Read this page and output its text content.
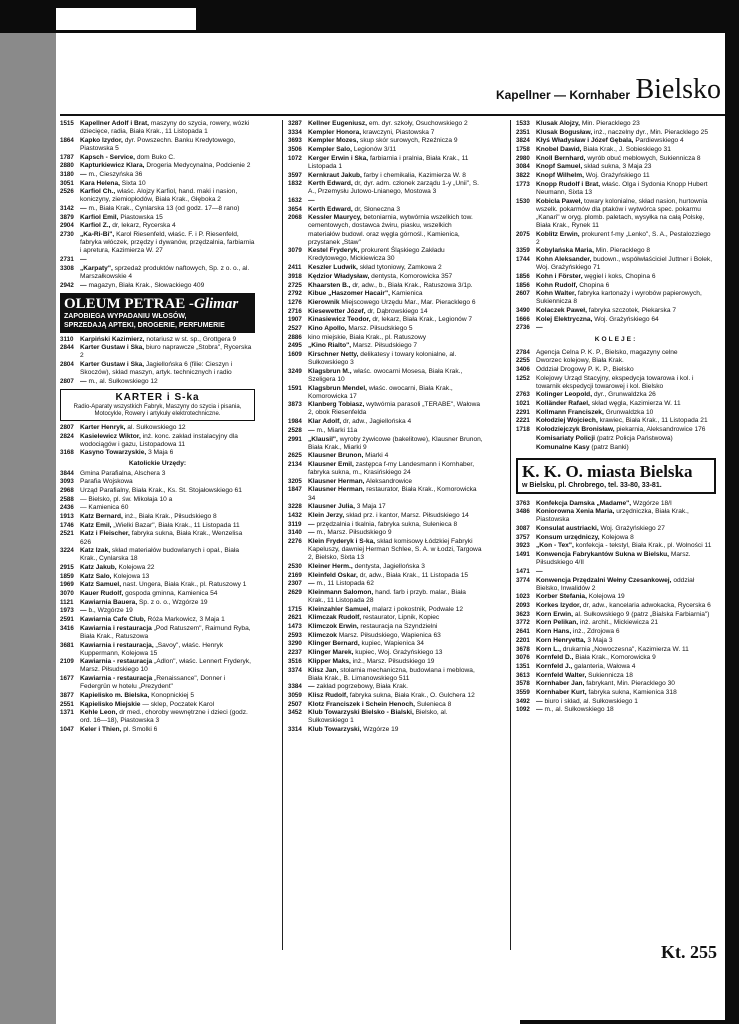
Kapellner — Kornhaber Bielsko
1515 Kapellner Adolf i Brat, maszyny do szycia, rowery, wózki dziecięce, radia, Biała Krak., 11 Listopada 1
1864 Kapko Izydor, dyr. Powszechn. Banku Kredytowego, Piastowska 5
1787 Kapsch - Service, dom Buko C.
2880 Kapturkiewicz Klara, Drogeria Medycynalna, Podcienie 2
3180 — m., Cieszyńska 36
3051 Kara Helena, Sixta 10
2526 Karfiol Ch., właśc. Alojzy Karfiol, hand. maki i nasion, koniczyny, ziemiopłodów, Biała Krak., Głęboka 2
3142 — m., Biała Krak., Cynlarska 13 (od godz. 17—8 rano)
3879 Karfiol Emil, Piastowska 15
2904 Karfiol Z., dr, lekarz, Rycerska 4
2730 „Ka-Ri-Bi", Karol Riesenfeld, właśc. F. i P. Riesenfeld, fabryka włóczek, przędzy i dywanów, przędzalnia, farbiarnia i apretura, Kazimierza W. 27
2731 —
3308 „Karpaty", sprzedaż produktów naftowych, Sp. z o. o., al. Marszałkowskie 4
2942 — magazyn, Biała Krak., Słowackiego 409
OLEUM PETRAE -Glimar
ZAPOBIEGA WYPADANIU WŁOSÓW,
SPRZEDAJĄ APTEKI, DROGERIE, PERFUMERIE
3110 Karpiński Kazimierz, notariusz w st. sp., Grottgera 9
2844 Karter Gustaw i Ska, biuro naprawcze „Stobra", Rycerska 2
2804 Karter Gustaw i Ska, Jagiellońska 6 (filie: Cieszyn i Skoczów), skład maszyn, artyk. technicznych i radio
2807 — m., al. Sułkowskiego 12
KARTER i S-ka
Radio-Aparaty wszystkich Fabryk, Maszyny do szycia i pisania, Motocykle, Rowery i artykuły elektrotechniczne.
2807 Karter Henryk, al. Sułkowskiego 12
2824 Kasielewicz Wiktor, inż. konc. zakład instalacyjny dla wodociągów i gazu, Listopadowa 11
3168 Kasyno Towarzyskie, 3 Maja 6
Katolickie Urzędy:
3844 Gmina Parafialna, Alschera 3
3093 Parafia Wojskowa
2968 Urząd Parafialny, Biała Krak., Ks. St. Stojałowskiego 61
2588 — Bielsko, pl. św. Mikołaja 10 a
2436 — Kamienica 60
1913 Katz Bernard, inż., Biała Krak., Piłsudskiego 8
1746 Katz Emil, „Wielki Bazar", Biała Krak., 11 Listopada 11
2521 Katz i Fleischer, fabryka sukna, Biała Krak., Wenzelisa 626
3224 Katz Izak, skład materiałów budowlanych i opał., Biała Krak., Cynlarska 18
2915 Katz Jakub, Kolejowa 22
1859 Katz Salo, Kolejowa 13
1969 Katz Samuel, nast. Ungera, Biała Krak., pl. Ratuszowy 1
3070 Kauer Rudolf, gospoda gminna, Kamienica 54
1121 Kawiarnia Bauera, Sp. z o. o., Wzgórze 19
1973 — b., Wzgórze 19
2591 Kawiarnia Cafe Club, Róża Markowicz, 3 Maja 1
3416 Kawiarnia i restauracja „Pod Ratuszem", Raimund Ryba, Biała Krak., Ratuszowa
3681 Kawiarnia i restauracja, „Savoy", właśc. Henryk Kuppermann, Kolejowa 15
2109 Kawiarnia - restauracja „Adlon", właśc. Lennert Fryderyk, Marsz. Piłsudskiego 10
1677 Kawiarnia - restauracja „Renaissance", Donner i Federgrün w hotelu „Prezydent"
3877 Kapielisko m. Bielska, Konopnickiej 5
2551 Kąpielisko Miejskie — sklep, Poczatek Karol
1371 Kehle Leon, dr med., choroby wewnętrzne i dzieci (godz. ord. 16—18), Piastowska 3
1047 Keler i Thien, pl. Smolki 6
3287 Kellner Eugeniusz, em. dyr. szkoły, Osuchowskiego 2
3334 Kempler Honora, krawczyni, Piastowska 7
3693 Kempler Mozes, skup skór surowych, Rzeźnicza 9
3506 Kempler Salo, Legionów 3/11
1072 Kerger Erwin i Ska, farbiarnia i pralnia, Biała Krak., 11 Listopada 1
3597 Kernkraut Jakub, farby i chemikalia, Kazimierza W. 8
1832 Kerth Edward, dr, dyr. adm. członek zarządu 1-y „Unii", S. A., Przemysłu Jutowo-Lnianego, Mostowa 3
1632 —
3654 Kerth Edward, dr, Słoneczna 3
2068 Kessler Maurycy, betoniarnia, wytwórnia wszelkich tow. cementowych, dostawca żwiru, piasku, wszelkich materiałów budowl. oraz węgla górnośl., Kamienica, przystanek „Staw"
3079 Kestel Fryderyk, prokurent Śląskiego Zakładu Kredytowego, Mickiewicza 30
2411 Keszler Ludwik, skład tytoniowy, Zamkowa 2
3918 Kędzior Władysław, dentysta, Komorowicka 357
2725 Khaarsten B., dr, adw., b., Biała Krak., Ratuszowa 3/1p.
2792 Kibue „Haszomer Hacair", Kamienica
1276 Kierownik Miejscowego Urzędu Mar., Mar. Pieracklego 6
2716 Kiesewetter Józef, dr, Dąbrowskiego 14
1907 Kinasiewicz Teodor, dr, lekarz, Biała Krak., Legionów 7
2527 Kino Apollo, Marsz. Piłsudskiego 5
2886 kino miejskie, Biała Krak., pl. Ratuszowy
2495 „Kino Rialto", Marsz. Piłsudskiego 7
1609 Kirschner Netty, delikatesy i towary kolonialne, al. Sułkowskiego 3
3249 Klagsbrun M., właśc. owocarni Mosesa, Biała Krak., Szeligera 10
1591 Klagsbrun Mendel, właśc. owocarni, Biała Krak., Komorowicka 17
3873 Klanberg Tobiasz, wytwórnia parasoli „TERABE", Wałowa 2, obok Riesenfelda
1984 Klar Adolf, dr, adw., Jagiellońska 4
2528 — m., Miarki 11a
2991 „Klausil", wyroby żywicowe (bakelitowe), Klausner Brunon, Biała Krak., Miarki 9
2625 Klausner Brunon, Miarki 4
2134 Klausner Emil, zastępca f-my Landesmann i Kornhaber, fabryka sukna, m., Krasińskiego 24
3205 Klausner Herman, Aleksandrowice
1847 Klausner Herman, restaurator, Biała Krak., Komorowicka 34
3228 Klausner Julia, 3 Maja 17
1432 Klein Jerzy, skład prz. i kantor, Marsz. Piłsudskiego 14
3119 — przędzalnia i tkalnia, fabryka sukna, Sulenieca 8
3140 — m., Marsz. Piłsudskiego 9
2276 Klein Fryderyk i S-ka, skład komisowy Łódzkiej Fabryki Kapeluszy, dawniej Herman Schlee, S. A. w Łodzi, Targowa 2, Bielsko, Sixta 13
2530 Kleiner Herm., dentysta, Jagiellońska 3
2169 Kleinfeld Oskar, dr, adw., Biała Krak., 11 Listopada 15
2307 — m., 11 Listopada 62
2629 Kleinmann Salomon, hand. farb i przyb. malar., Biała Krak., 11 Listopada 28
1715 Kleinzahler Samuel, malarz i pokostnik, Podwale 12
2621 Klimczak Rudolf, restaurator, Lipnik, Kopiec
1473 Klimczok Erwin, restauracja na Szyndzielni
2593 Klimczok Marsz. Piłsudskiego, Wapienica 63
3290 Klinger Bernard, kupiec, Wapienica 34
2237 Klinger Marek, kupiec, Woj. Grażyńskiego 13
3516 Klipper Maks, inż., Marsz. Piłsudskiego 19
3374 Klisz Jan, stolarnia mechaniczna, budowlana i meblowa, Biała Krak., B. Limanowskiego 511
3384 — zakład pogrzebowy, Biała Krak.
3059 Klisz Rudolf, fabryka sukna, Biała Krak., O. Gulchera 12
2507 Klotz Franciszek i Schein Henoch, Sulenieca 8
3452 Klub Towarzyski Bielsko - Bialski, Bielsko, al. Sułkowskiego 1
3314 Klub Towarzyski, Wzgórze 19
1533 Klusak Alojzy, Min. Pieracklego 23
2351 Klusak Bogusław, inż., naczelny dyr., Min. Pieracklego 25
3824 Kłyś Władysław i Józef Gębala, Pardiewskiego 4
1758 Knobel Dawid, Biała Krak., J. Sobieskiego 31
2980 Knoll Bernhard, wyrób obuć meblowych, Sukiennicza 8
3084 Knopf Samuel, skład sukna, 3 Maja 23
3822 Knopf Wilhelm, Woj. Grażyńskiego 11
1773 Knopp Rudolf i Brat, właśc. Olga i Sydonia Knopp Hubert Neumann, Sixta 13
1530 Kobicla Paweł, towary kolonialne, skład nasion, hurtownia wszelk. pokarmów dla ptaków i wytwórca spec. pokarmu „Kanari" w oryg. plomb. paletach, wysyłka na całą Polskę, Biała Krak., Rynek 11
2075 Koblitz Erwin, prokurent f-my „Lenko", S. A., Pestalozziego 2
3359 Kobylańska Maria, Min. Pieracklego 8
1744 Kohn Aleksander, budown., współwłaściciel Juttner i Bolek, Woj. Grażyńskiego 71
1856 Kohn i Förster, węgiel i koks, Chopina 6
1856 Kohn Rudolf, Chopina 6
2607 Kohn Walter, fabryka kartonaży i wyrobów papierowych, Sukiennicza 8
3490 Kolaczek Paweł, fabryka szczotek, Piekarska 7
1666 Kolej Elektryczna, Woj. Grażyńskiego 64
2736 —
KOLEJE:
2784 Agencja Celna P. K. P., Bielsko, magazyny celne
2255 Dworzec kolejowy, Biała Krak.
3406 Oddział Drogowy P. K. P., Bielsko
1252 Kolejowy Urząd Stacyjny, ekspedycja towarowa i kol. i towarnik ekspedycji towarowej i kol. Bielsko
2763 Kolinger Leopold, dyr., Grunwaldzka 26
1021 Kolländer Rafael, skład węgla, Kazimierza W. 11
2291 Kollmann Franciszek, Grunwaldzka 10
2221 Kołodziej Wojciech, krawiec, Biała Krak., 11 Listopada 21
1718 Kołodziejczyk Bronisław, piekarnia, Aleksandrowice 176
Komisariaty Policji (patrz Policja Państwowa)
Komunalne Kasy (patrz Banki)
K. K. O. miasta Bielska
w Bielsku, pl. Chrobrego, tel. 33-80, 33-81.
3763 Konfekcja Damska „Madame", Wzgórze 18/I
3486 Koniorowna Xenia Maria, urzędniczka, Biała Krak., Piastowska
3087 Konsulat austriacki, Woj. Grażyńskiego 27
3757 Konsum urzędniczy, Kolejowa 8
3923 „Kon - Tex", konfekcja - tekstyl, Biała Krak., pl. Wolności 11
1491 Konwencja Fabrykantów Sukna w Bielsku, Marsz. Piłsudskiego 4/II
1471 —
3774 Konwencja Przędzalni Wełny Czesankowej, oddział Bielsko, Inwalidów 2
1023 Korber Stefania, Kolejowa 19
2093 Korkes Izydor, dr, adw., kancelaria adwokacka, Rycerska 6
3623 Korn Erwin, al. Sułkowskiego 9 (patrz „Bialska Farbiarnia")
3772 Korn Pelikan, inż. archit., Mickiewicza 21
2641 Korn Hans, inż., Zdrojowa 6
2201 Korn Henryetta, 3 Maja 3
3678 Korn L., drukarnia „Nowoczesna", Kazimierza W. 11
3076 Kornfeld D., Biała Krak., Komorowicka 9
1351 Kornfeld J., galanteria, Wałowa 4
3613 Kornfeld Walter, Sukiennicza 18
3578 Kornhaber Jan, fabrykant, Min. Pieracklego 30
3559 Kornhaber Kurt, fabryka sukna, Kamienica 318
3492 — biuro i skład, al. Sułkowskiego 1
1092 — m., al. Sułkowskiego 18
Kt. 255
